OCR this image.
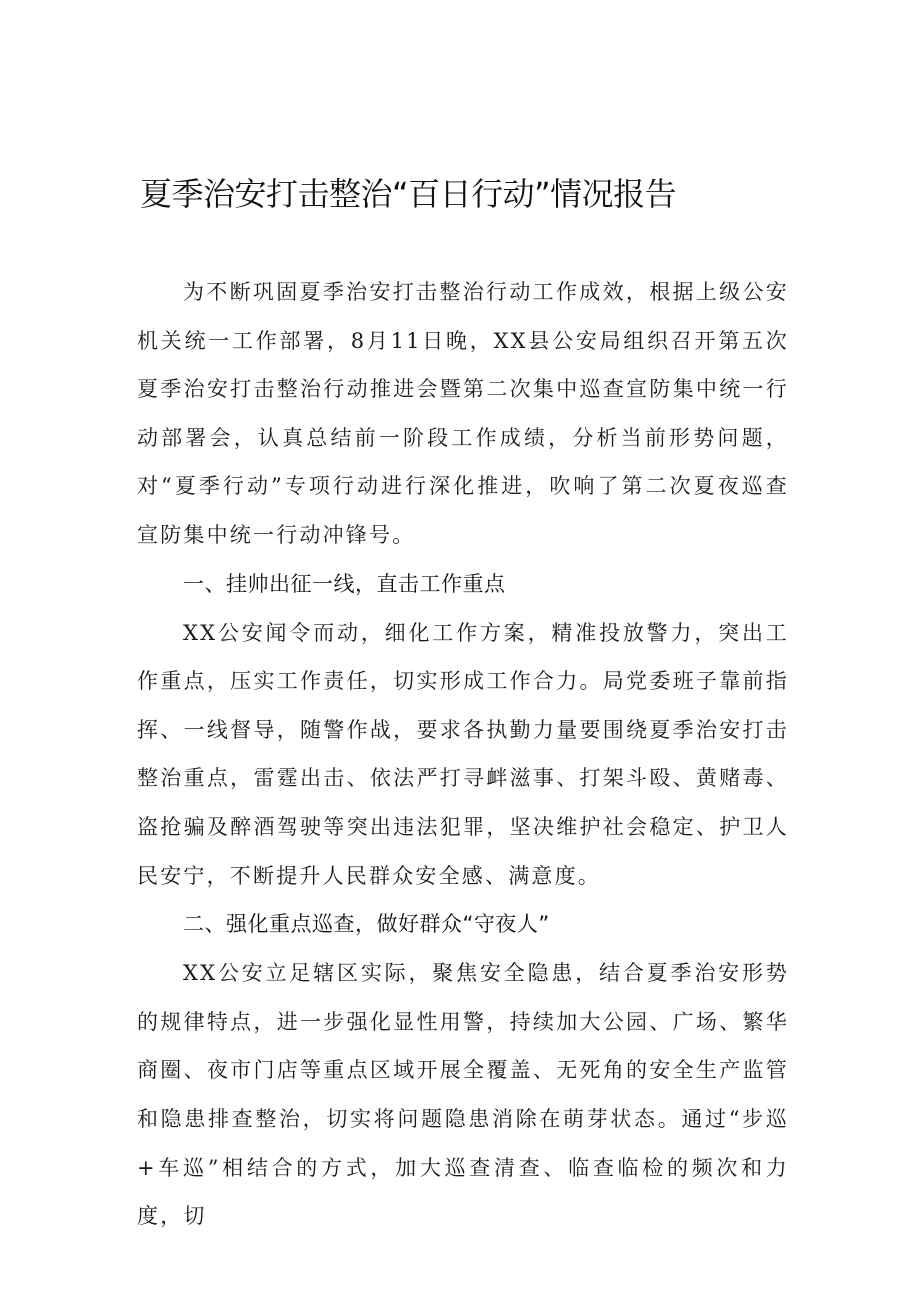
夏季治安打击整治“百日行动”情况报告

为不断巩固夏季治安打击整治行动工作成效，根据上级公安机关统一工作部署，8月11日晚，XX县公安局组织召开第五次夏季治安打击整治行动推进会暨第二次集中巡查宣防集中统一行动部署会，认真总结前一阶段工作成绩，分析当前形势问题，对“夏季行动”专项行动进行深化推进，吹响了第二次夏夜巡查宣防集中统一行动冲锋号。

一、挂帅出征一线，直击工作重点

XX公安闻令而动，细化工作方案，精准投放警力，突出工作重点，压实工作责任，切实形成工作合力。局党委班子靠前指挥、一线督导，随警作战，要求各执勤力量要围绕夏季治安打击整治重点，雷霆出击、依法严打寻衅滋事、打架斗殴、黄赌毒、盗抢骗及醉酒驾驶等突出违法犯罪，坚决维护社会稳定、护卫人民安宁，不断提升人民群众安全感、满意度。

二、强化重点巡查，做好群众“守夜人”

XX公安立足辖区实际，聚焦安全隐患，结合夏季治安形势的规律特点，进一步强化显性用警，持续加大公园、广场、繁华商圈、夜市门店等重点区域开展全覆盖、无死角的安全生产监管和隐患排查整治，切实将问题隐患消除在萌芽状态。通过“步巡+车巡”相结合的方式，加大巡查清查、临查临检的频次和力度，切
